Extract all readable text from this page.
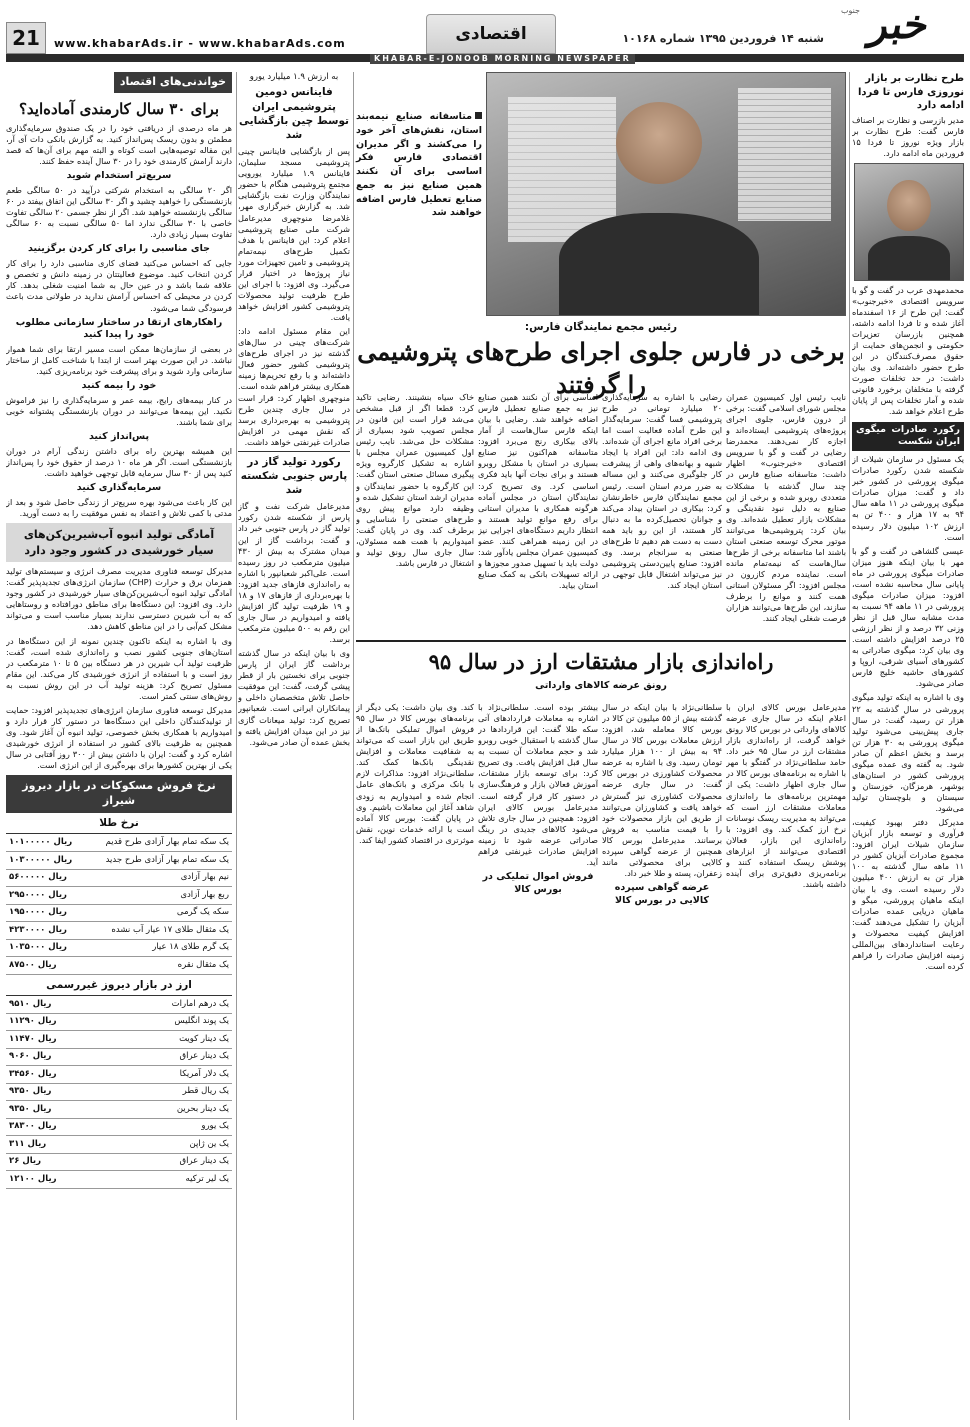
خبر
جنوب
شنبه ۱۴ فروردین ۱۳۹۵ شماره ۱۰۱۶۸
اقتصادی
www.khabarAds.ir - www.khabarAds.com
21
KHABAR-E-JONOOB MORNING NEWSPAPER
طرح نظارت بر بازار
نوروزی فارس تا فردا
ادامه دارد

مدیر بازرسی و نظارت بر اصناف فارس گفت: طرح نظارت بر بازار ویژه نوروز تا فردا ۱۵ فروردین ماه ادامه دارد.

محمدمهدی عرب در گفت و گو با سرویس اقتصادی «خبرجنوب» گفت: این طرح از ۱۶ اسفندماه آغاز شده و تا فردا ادامه داشته، همچنین بازرسان تعزیرات حکومتی و انجمن‌های حمایت از حقوق مصرف‌کنندگان در این طرح حضور داشته‌اند. وی بیان داشت: در حد تخلفات صورت گرفته با متخلفان برخورد قانونی شده و آمار تخلفات پس از پایان طرح اعلام خواهد شد.

رکورد صادرات میگوی ایران شکست

یک مسئول در سازمان شیلات از شکسته شدن رکورد صادرات میگوی پرورشی در کشور خبر داد و گفت: میزان صادرات میگوی پرورشی در ۱۱ ماهه سال ۹۴ به ۱۷ هزار و ۴۰۰ تن به ارزش ۱۰۲ میلیون دلار رسیده است.

عیسی گلشاهی در گفت و گو با مهر با بیان اینکه هنوز میزان صادرات میگوی پرورشی در ماه پایانی سال محاسبه نشده است، افزود: میزان صادرات میگوی پرورشی در ۱۱ ماهه ۹۴ نسبت به مدت مشابه سال قبل از نظر وزنی ۳۲ درصد و از نظر ارزشی ۲۵ درصد افزایش داشته است. وی بیان کرد: میگوی صادراتی به کشورهای آسیای شرقی، اروپا و کشورهای حاشیه خلیج فارس صادر می‌شود.

وی با اشاره به اینکه تولید میگوی پرورشی در سال گذشته به ۲۲ هزار تن رسید، گفت: در سال جاری پیش‌بینی می‌شود تولید میگوی پرورشی به ۳۰ هزار تن برسد و بخش اعظم آن صادر شود. به گفته وی عمده میگوی پرورشی کشور در استان‌های بوشهر، هرمزگان، خوزستان و سیستان و بلوچستان تولید می‌شود.

مدیرکل دفتر بهبود کیفیت، فرآوری و توسعه بازار آبزیان سازمان شیلات ایران افزود: مجموع صادرات آبزیان کشور در ۱۱ ماهه سال گذشته به ۱۰۰ هزار تن به ارزش ۴۰۰ میلیون دلار رسیده است. وی با بیان اینکه ماهیان پرورشی، میگو و ماهیان دریایی عمده صادرات آبزیان را تشکیل می‌دهند گفت: افزایش کیفیت محصولات و رعایت استانداردهای بین‌المللی زمینه افزایش صادرات را فراهم کرده است.

متاسفانه صنایع نیمه‌بند استان، نقش‌های آخر خود را می‌کشند و اگر مدیران اقتصادی فارس فکر اساسی برای آن نکنند همین صنایع نیز به جمع صنایع تعطیل فارس اضافه خواهند شد
رئیس مجمع نمایندگان فارس:
برخی در فارس جلوی اجرای طرح‌های پتروشیمی را گرفتند	نایب رئیس اول کمیسیون عمران مجلس شورای اسلامی گفت: برخی از درون فارس، جلوی اجرای پروژه‌های پتروشیمی ایستاده‌اند و اجازه کار نمی‌دهند. محمدرضا رضایی در گفت و گو با سرویس اقتصادی «خبرجنوب» اظهار داشت: متاسفانه صنایع فارس در چند سال گذشته با مشکلات متعددی روبرو شده و برخی از این صنایع به دلیل نبود نقدینگی و مشکلات بازار تعطیل شده‌اند. وی بیان کرد: پتروشیمی‌ها می‌توانند موتور محرک توسعه صنعتی استان باشند اما متاسفانه برخی از طرح‌ها سال‌هاست که نیمه‌تمام مانده است. نماینده مردم کازرون در مجلس افزود: اگر مسئولان استانی همت کنند و موانع را برطرف سازند، این طرح‌ها می‌توانند هزاران فرصت شغلی ایجاد کنند.

رضایی با اشاره به سرمایه‌گذاری ۲۰ میلیارد تومانی در طرح پتروشیمی فسا گفت: سرمایه‌گذار این طرح آماده فعالیت است اما برخی افراد مانع اجرای آن شده‌اند. وی ادامه داد: این افراد با ایجاد شبهه و بهانه‌های واهی از پیشرفت کار جلوگیری می‌کنند و این مساله به ضرر مردم استان است. رئیس مجمع نمایندگان فارس خاطرنشان کرد: بیکاری در استان بیداد می‌کند و جوانان تحصیل‌کرده ما به دنبال کار هستند، از این رو باید همه دست به دست هم دهیم تا طرح‌های صنعتی به سرانجام برسد. وی افزود: صنایع پایین‌دستی پتروشیمی نیز می‌تواند اشتغال قابل توجهی در استان ایجاد کند.

اساسی برای آن نکنند همین صنایع نیز به جمع صنایع تعطیل فارس اضافه خواهند شد. رضایی با بیان اینکه فارس سال‌هاست از آمار بالای بیکاری رنج می‌برد افزود: متاسفانه هم‌اکنون نیز صنایع بسیاری در استان با مشکل روبرو هستند و برای نجات آنها باید فکری اساسی کرد. وی تصریح کرد: نمایندگان استان در مجلس آماده هرگونه همکاری با مدیران استانی برای رفع موانع تولید هستند و انتظار داریم دستگاه‌های اجرایی نیز در این زمینه همراهی کنند. عضو کمیسیون عمران مجلس یادآور شد: دولت باید با تسهیل صدور مجوزها و ارائه تسهیلات بانکی به کمک صنایع استان بیاید.

خاک سیاه بنشینند. رضایی تاکید کرد: قطعا اگر از قبل مشخص می‌شد قرار است این قانون در مجلس تصویب شود بسیاری از مشکلات حل می‌شد. نایب رئیس اول کمیسیون عمران مجلس با اشاره به تشکیل کارگروه ویژه پیگیری مسائل صنعتی استان گفت: این کارگروه با حضور نمایندگان و مدیران ارشد استان تشکیل شده و وظیفه دارد موانع پیش روی طرح‌های صنعتی را شناسایی و برطرف کند. وی در پایان گفت: امیدواریم با همت همه مسئولان، سال جاری سال رونق تولید و اشتغال در فارس باشد.

راه‌اندازی بازار مشتقات ارز در سال ۹۵
رونق عرضه کالاهای وارداتی

مدیرعامل بورس کالای ایران با اعلام اینکه در سال جاری عرضه کالاهای وارداتی در بورس کالا رونق خواهد گرفت، از راه‌اندازی بازار مشتقات ارز در سال ۹۵ خبر داد. حامد سلطانی‌نژاد در گفتگو با مهر با اشاره به برنامه‌های بورس کالا در سال جاری اظهار داشت: یکی از مهمترین برنامه‌های ما راه‌اندازی معاملات مشتقات ارز است که می‌تواند به مدیریت ریسک نوسانات نرخ ارز کمک کند. وی افزود: با راه‌اندازی این بازار، فعالان اقتصادی می‌توانند از ابزارهای پوشش ریسک استفاده کنند و برنامه‌ریزی دقیق‌تری برای آینده داشته باشند.

سلطانی‌نژاد با بیان اینکه در سال گذشته بیش از ۵۵ میلیون تن کالا در بورس کالا معامله شد، افزود: ارزش معاملات بورس کالا در سال ۹۴ به بیش از ۱۰۰ هزار میلیارد تومان رسید. وی با اشاره به عرضه محصولات کشاورزی در بورس کالا گفت: در سال جاری عرضه محصولات کشاورزی نیز گسترش خواهد یافت و کشاورزان می‌توانند از طریق این بازار محصولات خود را با قیمت مناسب به فروش برسانند. مدیرعامل بورس کالا همچنین از عرضه گواهی سپرده کالایی برای محصولاتی مانند زعفران، پسته و طلا خبر داد.

عرضه گواهی سپرده کالایی در بورس کالا

بیشتر بوده است. سلطانی‌نژاد با اشاره به معاملات قراردادهای آتی سکه طلا گفت: این قراردادها در سال گذشته با استقبال خوبی روبرو شد و حجم معاملات آن نسبت به سال قبل افزایش یافت. وی تصریح کرد: برای توسعه بازار مشتقات، آموزش فعالان بازار و فرهنگ‌سازی در دستور کار قرار گرفته است. مدیرعامل بورس کالای ایران افزود: همچنین در سال جاری تلاش می‌شود کالاهای جدیدی در رینگ صادراتی عرضه شود تا زمینه افزایش صادرات غیرنفتی فراهم آید.

فروش اموال تملیکی در بورس کالا

کند. وی بیان داشت: یکی دیگر از برنامه‌های بورس کالا در سال ۹۵ فروش اموال تملیکی بانک‌ها از طریق این بازار است که می‌تواند به شفافیت معاملات و افزایش نقدینگی بانک‌ها کمک کند. سلطانی‌نژاد افزود: مذاکرات لازم با بانک مرکزی و بانک‌های عامل انجام شده و امیدواریم به زودی شاهد آغاز این معاملات باشیم. وی در پایان گفت: بورس کالا آماده است با ارائه خدمات نوین، نقش موثرتری در اقتصاد کشور ایفا کند.

به ارزش ۱.۹ میلیارد یورو
فاینانس دومین پتروشیمی ایران توسط چین بازگشایی شد

پس از بازگشایی فاینانس چینی پتروشیمی مسجد سلیمان، فاینانس ۱.۹ میلیارد یورویی مجتمع پتروشیمی هنگام با حضور نمایندگان وزارت نفت بازگشایی شد. به گزارش خبرگزاری مهر، غلامرضا منوچهری مدیرعامل شرکت ملی صنایع پتروشیمی اعلام کرد: این فاینانس با هدف تکمیل طرح‌های نیمه‌تمام پتروشیمی و تامین تجهیزات مورد نیاز پروژه‌ها در اختیار قرار می‌گیرد. وی افزود: با اجرای این طرح ظرفیت تولید محصولات پتروشیمی کشور افزایش خواهد یافت.

این مقام مسئول ادامه داد: شرکت‌های چینی در سال‌های گذشته نیز در اجرای طرح‌های پتروشیمی کشور حضور فعال داشته‌اند و با رفع تحریم‌ها زمینه همکاری بیشتر فراهم شده است. منوچهری اظهار کرد: قرار است در سال جاری چندین طرح پتروشیمی به بهره‌برداری برسد که نقش مهمی در افزایش صادرات غیرنفتی خواهد داشت.

رکورد تولید گاز در پارس جنوبی شکسته شد

مدیرعامل شرکت نفت و گاز پارس از شکسته شدن رکورد تولید گاز در پارس جنوبی خبر داد و گفت: برداشت گاز از این میدان مشترک به بیش از ۴۳۰ میلیون مترمکعب در روز رسیده است. علی‌اکبر شعبانپور با اشاره به راه‌اندازی فازهای جدید افزود: با بهره‌برداری از فازهای ۱۷ و ۱۸ و ۱۹ ظرفیت تولید گاز افزایش یافته و امیدواریم در سال جاری این رقم به ۵۰۰ میلیون مترمکعب برسد.

وی با بیان اینکه در سال گذشته برداشت گاز ایران از پارس جنوبی برای نخستین بار از قطر پیشی گرفت، گفت: این موفقیت حاصل تلاش متخصصان داخلی و پیمانکاران ایرانی است. شعبانپور تصریح کرد: تولید میعانات گازی نیز در این میدان افزایش یافته و بخش عمده آن صادر می‌شود.

خواندنی‌های اقتصاد
برای ۳۰ سال کارمندی آماده‌اید؟

هر ماه درصدی از دریافتی خود را در یک صندوق سرمایه‌گذاری مطمئن و بدون ریسک پس‌انداز کنید. به گزارش بانکی دات آی آر، این مقاله توصیه‌هایی است کوتاه و البته مهم برای آن‌ها که قصد دارند آرامش کارمندی خود را در ۳۰ سال آینده حفظ کنند.

سریع‌تر استخدام شوید

اگر ۲۰ سالگی به استخدام شرکتی درآیید در ۵۰ سالگی طعم بازنشستگی را خواهید چشید و اگر ۳۰ سالگی این اتفاق بیفتد در ۶۰ سالگی بازنشسته خواهید شد. اگر از نظر جسمی ۲۰ سالگی تفاوت خاصی با ۳۰ سالگی ندارد اما ۵۰ سالگی نسبت به ۶۰ سالگی تفاوت بسیار زیادی دارد.

جای مناسبی را برای کار کردن برگزینید

جایی که احساس می‌کنید فضای کاری مناسبی دارد را برای کار کردن انتخاب کنید. موضوع فعالیتتان در زمینه دانش و تخصص و علاقه شما باشد و در عین حال به شما امنیت شغلی بدهد. کار کردن در محیطی که احساس آرامش ندارید در طولانی مدت باعث فرسودگی شما می‌شود.

راهکارهای ارتقا در ساختار سازمانی مطلوب خود را پیدا کنید

در بعضی از سازمان‌ها ممکن است مسیر ارتقا برای شما هموار نباشد. در این صورت بهتر است از ابتدا با شناخت کامل از ساختار سازمانی وارد شوید و برای پیشرفت خود برنامه‌ریزی کنید.

خود را بیمه کنید

در کنار بیمه‌های رایج، بیمه عمر و سرمایه‌گذاری را نیز فراموش نکنید. این بیمه‌ها می‌توانند در دوران بازنشستگی پشتوانه خوبی برای شما باشند.

پس‌انداز کنید

این همیشه بهترین راه برای داشتن زندگی آرام در دوران بازنشستگی است. اگر هر ماه ۱۰ درصد از حقوق خود را پس‌انداز کنید پس از ۳۰ سال سرمایه قابل توجهی خواهید داشت.

سرمایه‌گذاری کنید

این کار باعث می‌شود بهره سریع‌تر از زندگی حاصل شود و بعد از مدتی با کمی تلاش و اعتماد به نفس موفقیت را به دست آورید.

آمادگی تولید انبوه آب‌شیرین‌کن‌های سیار خورشیدی در کشور وجود دارد

مدیرکل توسعه فناوری مدیریت مصرف انرژی و سیستم‌های تولید همزمان برق و حرارت (CHP) سازمان انرژی‌های تجدیدپذیر گفت: آمادگی تولید انبوه آب‌شیرین‌کن‌های سیار خورشیدی در کشور وجود دارد. وی افزود: این دستگاه‌ها برای مناطق دورافتاده و روستاهایی که به آب شیرین دسترسی ندارند بسیار مناسب است و می‌تواند مشکل کم‌آبی را در این مناطق کاهش دهد.

وی با اشاره به اینکه تاکنون چندین نمونه از این دستگاه‌ها در استان‌های جنوبی کشور نصب و راه‌اندازی شده است، گفت: ظرفیت تولید آب شیرین در هر دستگاه بین ۵ تا ۱۰ مترمکعب در روز است و با استفاده از انرژی خورشیدی کار می‌کند. این مقام مسئول تصریح کرد: هزینه تولید آب در این روش نسبت به روش‌های سنتی کمتر است.

مدیرکل توسعه فناوری سازمان انرژی‌های تجدیدپذیر افزود: حمایت از تولیدکنندگان داخلی این دستگاه‌ها در دستور کار قرار دارد و امیدواریم با همکاری بخش خصوصی، تولید انبوه آن آغاز شود. وی همچنین به ظرفیت بالای کشور در استفاده از انرژی خورشیدی اشاره کرد و گفت: ایران با داشتن بیش از ۳۰۰ روز آفتابی در سال یکی از بهترین کشورها برای بهره‌گیری از این انرژی است.

نرخ فروش مسکوکات در بازار دیروز شیراز
نرخ طلا
یک سکه تمام بهار آزادی طرح قدیم	۱۰۱۰۰۰۰۰ ریال
یک سکه تمام بهار آزادی طرح جدید	۱۰۳۰۰۰۰۰ ریال
نیم بهار آزادی	۵۶۰۰۰۰۰ ریال
ربع بهار آزادی	۲۹۵۰۰۰۰ ریال
سکه یک گرمی	۱۹۵۰۰۰۰ ریال
یک مثقال طلای ۱۷ عیار آب نشده	۴۲۳۰۰۰۰ ریال
یک گرم طلای ۱۸ عیار	۱۰۳۵۰۰۰ ریال
یک مثقال نقره	۸۷۵۰۰ ریال
ارز در بازار دیروز غیررسمی
یک درهم امارات	۹۵۱۰ ریال
یک پوند انگلیس	۱۱۲۹۰ ریال
یک دینار کویت	۱۱۴۷۰ ریال
یک دینار عراق	۹۰۶۰ ریال
یک دلار آمریکا	۳۴۵۶۰ ریال
یک ریال قطر	۹۳۵۰ ریال
یک دینار بحرین	۹۳۵۰ ریال
یک یورو	۳۸۳۰۰ ریال
یک ین ژاپن	۳۱۱ ریال
یک دینار عراق	۲۶ ریال
یک لیر ترکیه	۱۲۱۰۰ ریال
